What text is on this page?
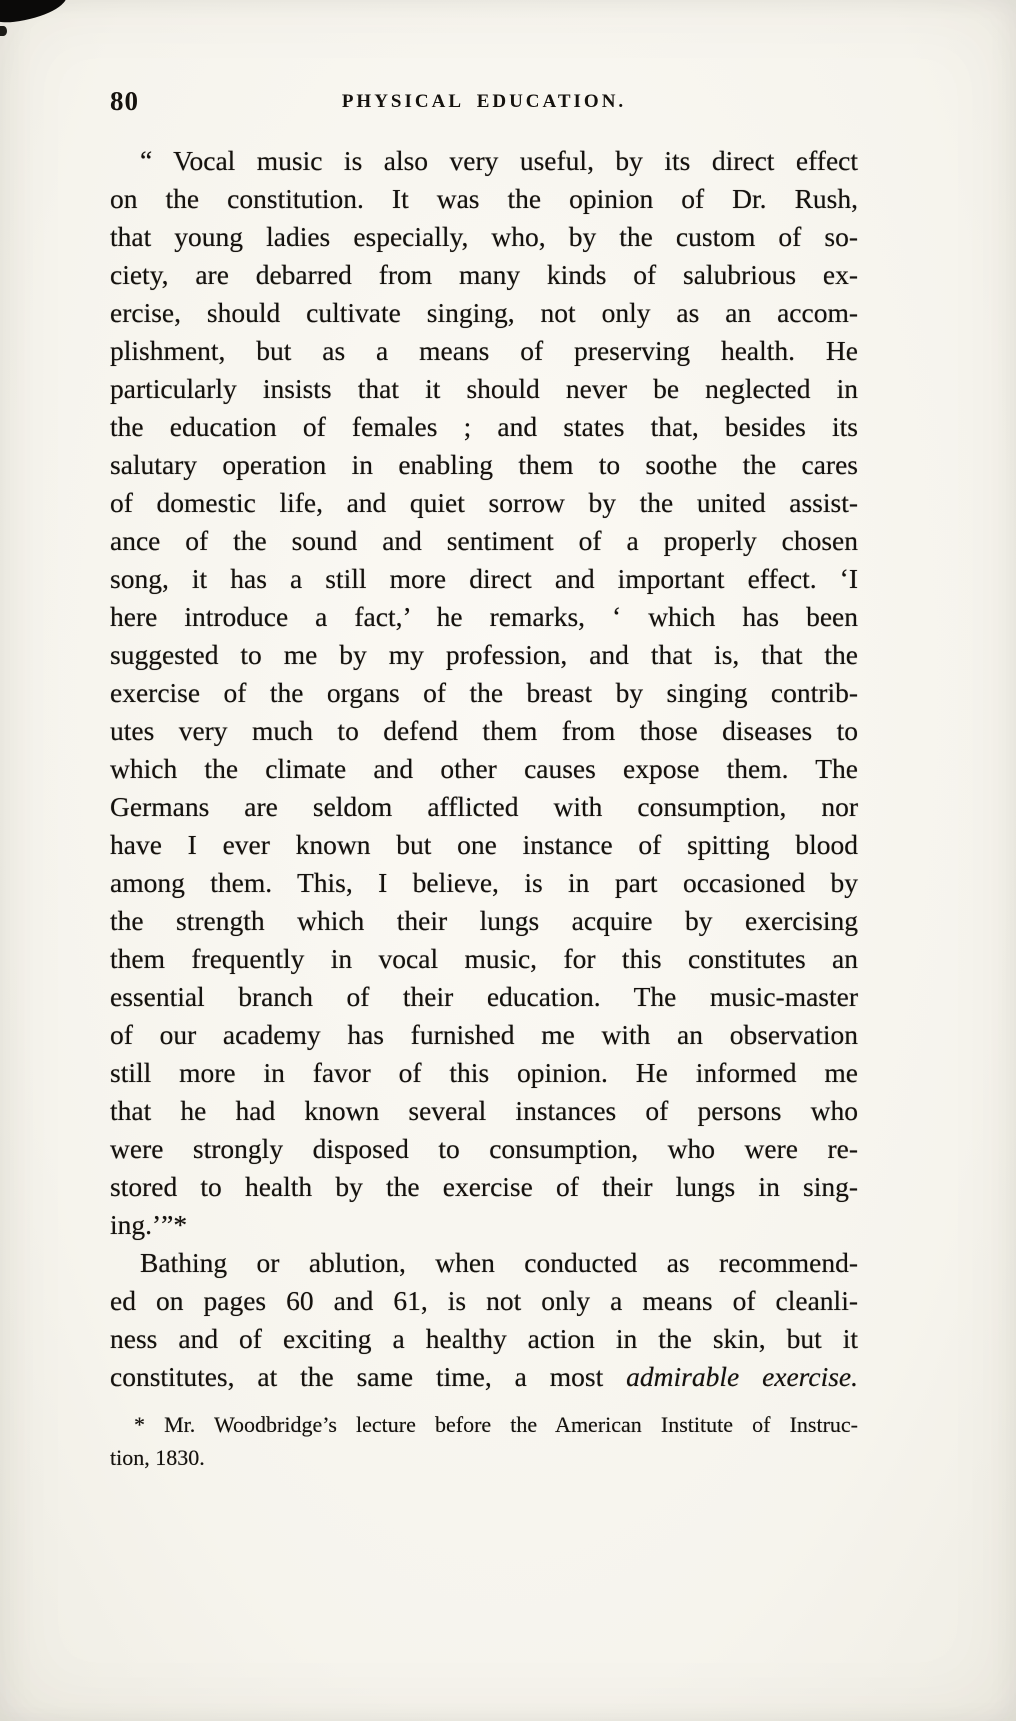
80	PHYSICAL EDUCATION.
“ Vocal music is also very useful, by its direct effect
on the constitution. It was the opinion of Dr. Rush,
that young ladies especially, who, by the custom of so-
ciety, are debarred from many kinds of salubrious ex-
ercise, should cultivate singing, not only as an accom-
plishment, but as a means of preserving health. He
particularly insists that it should never be neglected in
the education of females ; and states that, besides its
salutary operation in enabling them to soothe the cares
of domestic life, and quiet sorrow by the united assist-
ance of the sound and sentiment of a properly chosen
song, it has a still more direct and important effect. ‘I
here introduce a fact,’ he remarks, ‘ which has been
suggested to me by my profession, and that is, that the
exercise of the organs of the breast by singing contrib-
utes very much to defend them from those diseases to
which the climate and other causes expose them. The
Germans are seldom afflicted with consumption, nor
have I ever known but one instance of spitting blood
among them. This, I believe, is in part occasioned by
the strength which their lungs acquire by exercising
them frequently in vocal music, for this constitutes an
essential branch of their education. The music-master
of our academy has furnished me with an observation
still more in favor of this opinion. He informed me
that he had known several instances of persons who
were strongly disposed to consumption, who were re-
stored to health by the exercise of their lungs in sing-
ing.’”*
Bathing or ablution, when conducted as recommend-
ed on pages 60 and 61, is not only a means of cleanli-
ness and of exciting a healthy action in the skin, but it
constitutes, at the same time, a most admirable exercise.
* Mr. Woodbridge’s lecture before the American Institute of Instruc-
tion, 1830.
